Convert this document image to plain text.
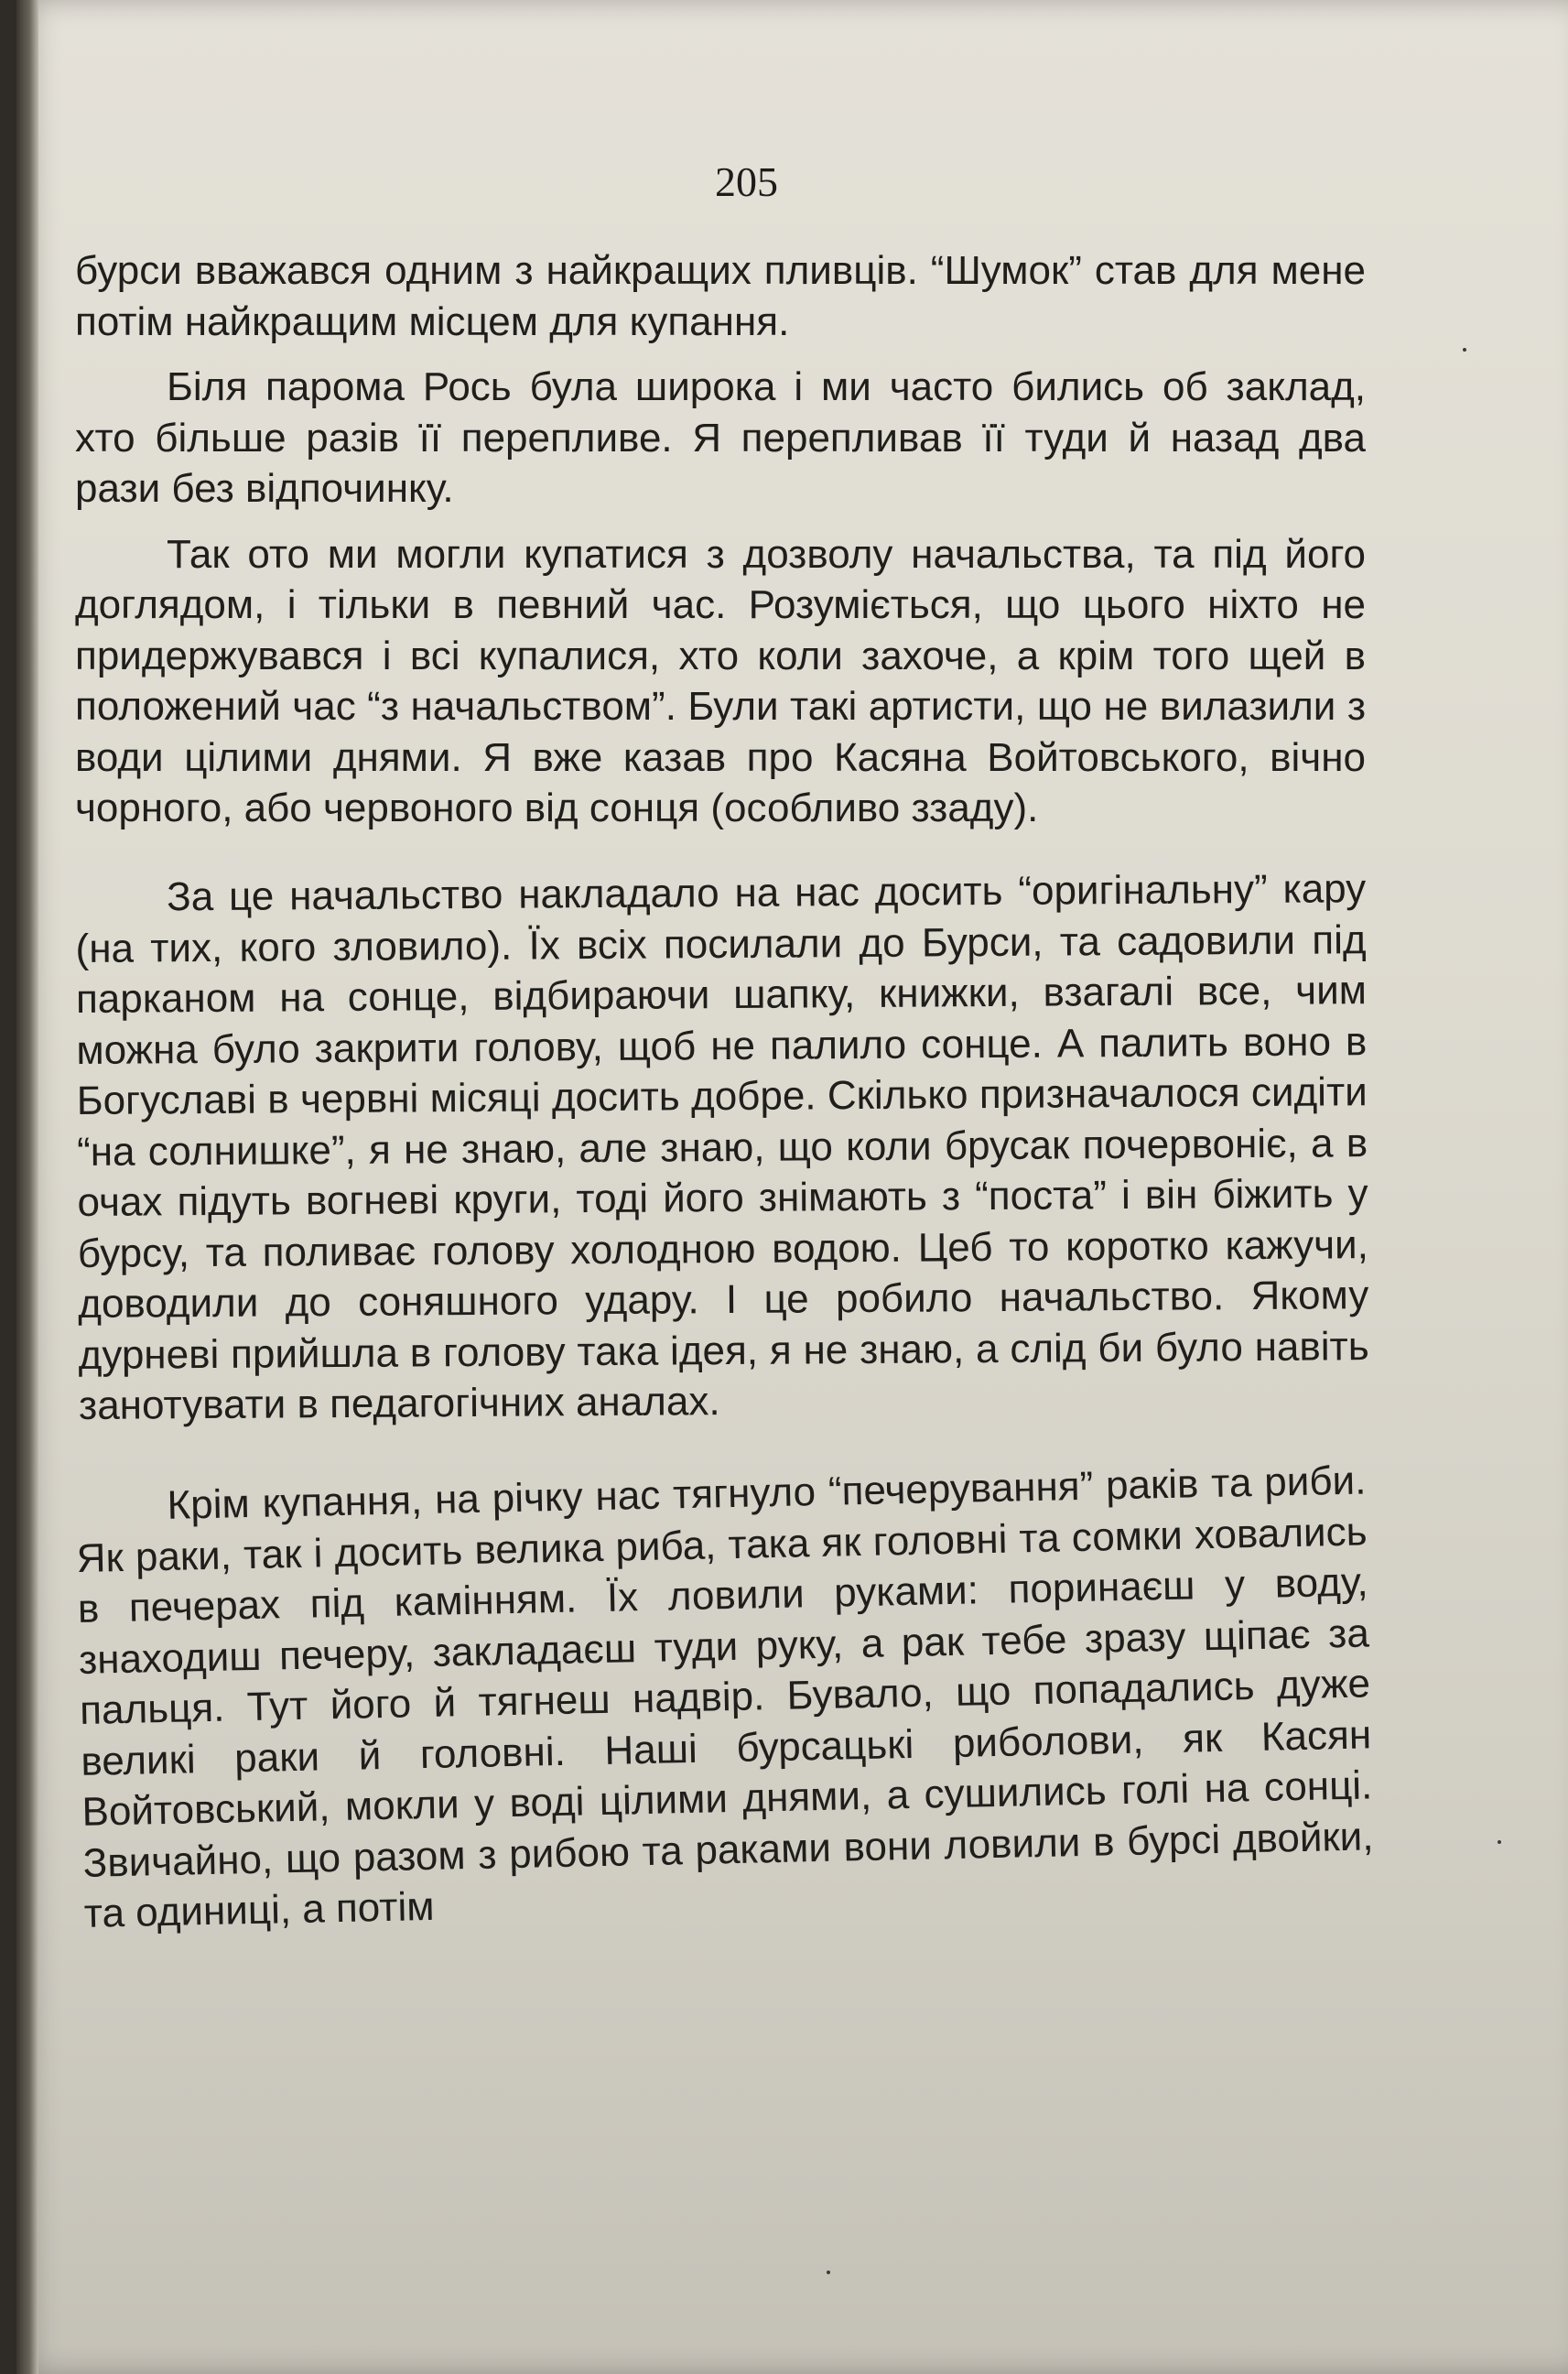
205

бурси вважався одним з найкращих пливців. “Шумок” став для мене потім найкращим місцем для купання.

Біля парома Рось була широка і ми часто бились об заклад, хто більше разів її перепливе. Я перепливав її туди й назад два рази без відпочинку.

Так ото ми могли купатися з дозволу начальства, та під його доглядом, і тільки в певний час. Розуміється, що цього ніхто не придержувався і всі купалися, хто коли захоче, а крім того щей в положений час “з начальством”. Були такі артисти, що не вилазили з води цілими днями. Я вже казав про Касяна Войтовського, вічно чорного, або червоного від сонця (особливо ззаду).

За це начальство накладало на нас досить “оригінальну” кару (на тих, кого зловило). Їх всіх посилали до Бурси, та садовили під парканом на сонце, відбираючи шапку, книжки, взагалі все, чим можна було закрити голову, щоб не палило сонце. А палить воно в Богуславі в червні місяці досить добре. Скілько призначалося сидіти “на солнишке”, я не знаю, але знаю, що коли брусак почервоніє, а в очах підуть вогневі круги, тоді його знімають з “поста” і він біжить у бурсу, та поливає голову холодною водою. Цеб то коротко кажучи, доводили до соняшного удару. І це робило начальство. Якому дурневі прийшла в голову така ідея, я не знаю, а слід би було навіть занотувати в педагогічних аналах.

Крім купання, на річку нас тягнуло “печерування” раків та риби. Як раки, так і досить велика риба, така як головні та сомки ховались в печерах під камінням. Їх ловили руками: поринаєш у воду, знаходиш печеру, закладаєш туди руку, а рак тебе зразу щіпає за пальця. Тут його й тягнеш надвір. Бувало, що попадались дуже великі раки й головні. Наші бурсацькі риболови, як Касян Войтовський, мокли у воді цілими днями, а сушились голі на сонці. Звичайно, що разом з рибою та раками вони ловили в бурсі двойки, та одиниці, а потім
